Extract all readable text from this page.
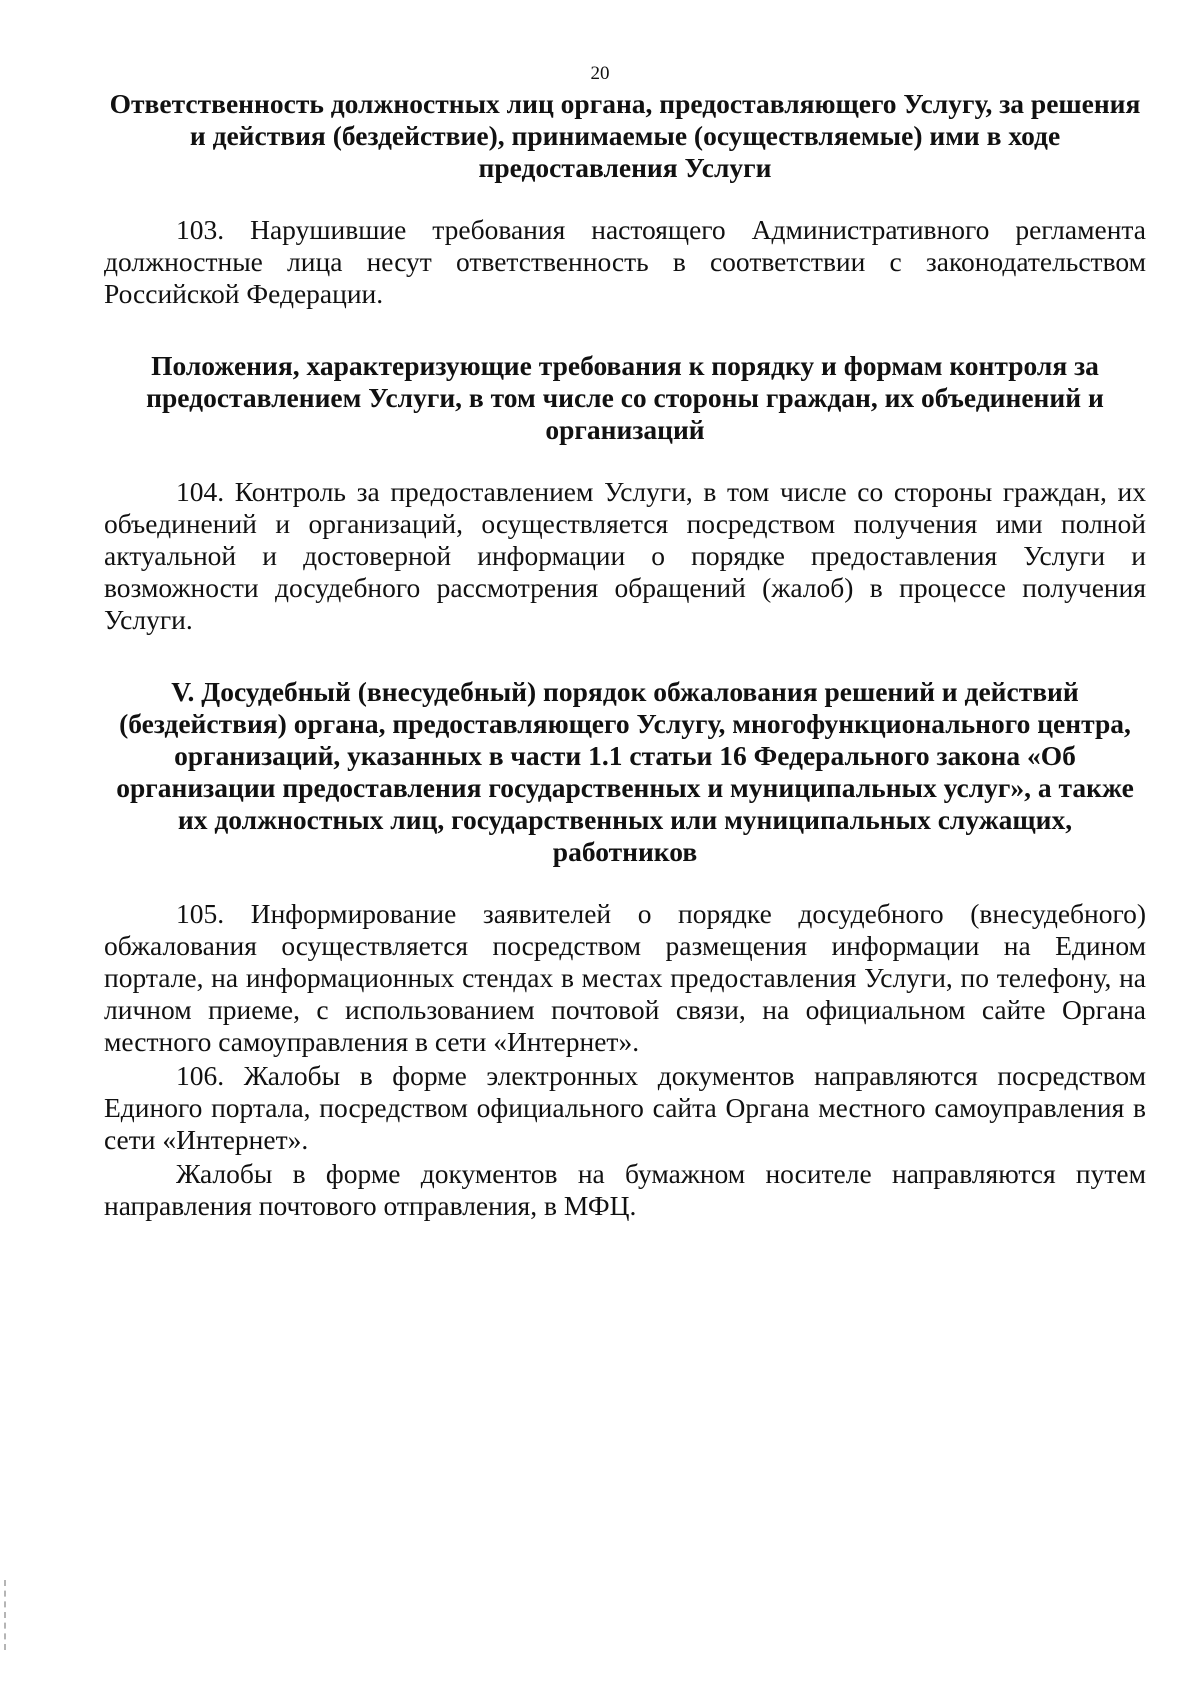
20

Ответственность должностных лиц органа, предоставляющего Услугу, за решения и действия (бездействие), принимаемые (осуществляемые) ими в ходе предоставления Услуги

103. Нарушившие требования настоящего Административного регламента должностные лица несут ответственность в соответствии с законодательством Российской Федерации.

Положения, характеризующие требования к порядку и формам контроля за предоставлением Услуги, в том числе со стороны граждан, их объединений и организаций

104. Контроль за предоставлением Услуги, в том числе со стороны граждан, их объединений и организаций, осуществляется посредством получения ими полной актуальной и достоверной информации о порядке предоставления Услуги и возможности досудебного рассмотрения обращений (жалоб) в процессе получения Услуги.

V. Досудебный (внесудебный) порядок обжалования решений и действий (бездействия) органа, предоставляющего Услугу, многофункционального центра, организаций, указанных в части 1.1 статьи 16 Федерального закона «Об организации предоставления государственных и муниципальных услуг», а также их должностных лиц, государственных или муниципальных служащих, работников

105. Информирование заявителей о порядке досудебного (внесудебного) обжалования осуществляется посредством размещения информации на Едином портале, на информационных стендах в местах предоставления Услуги, по телефону, на личном приеме, с использованием почтовой связи, на официальном сайте Органа местного самоуправления в сети «Интернет».

106. Жалобы в форме электронных документов направляются посредством Единого портала, посредством официального сайта Органа местного самоуправления в сети «Интернет».

Жалобы в форме документов на бумажном носителе направляются путем направления почтового отправления, в МФЦ.
